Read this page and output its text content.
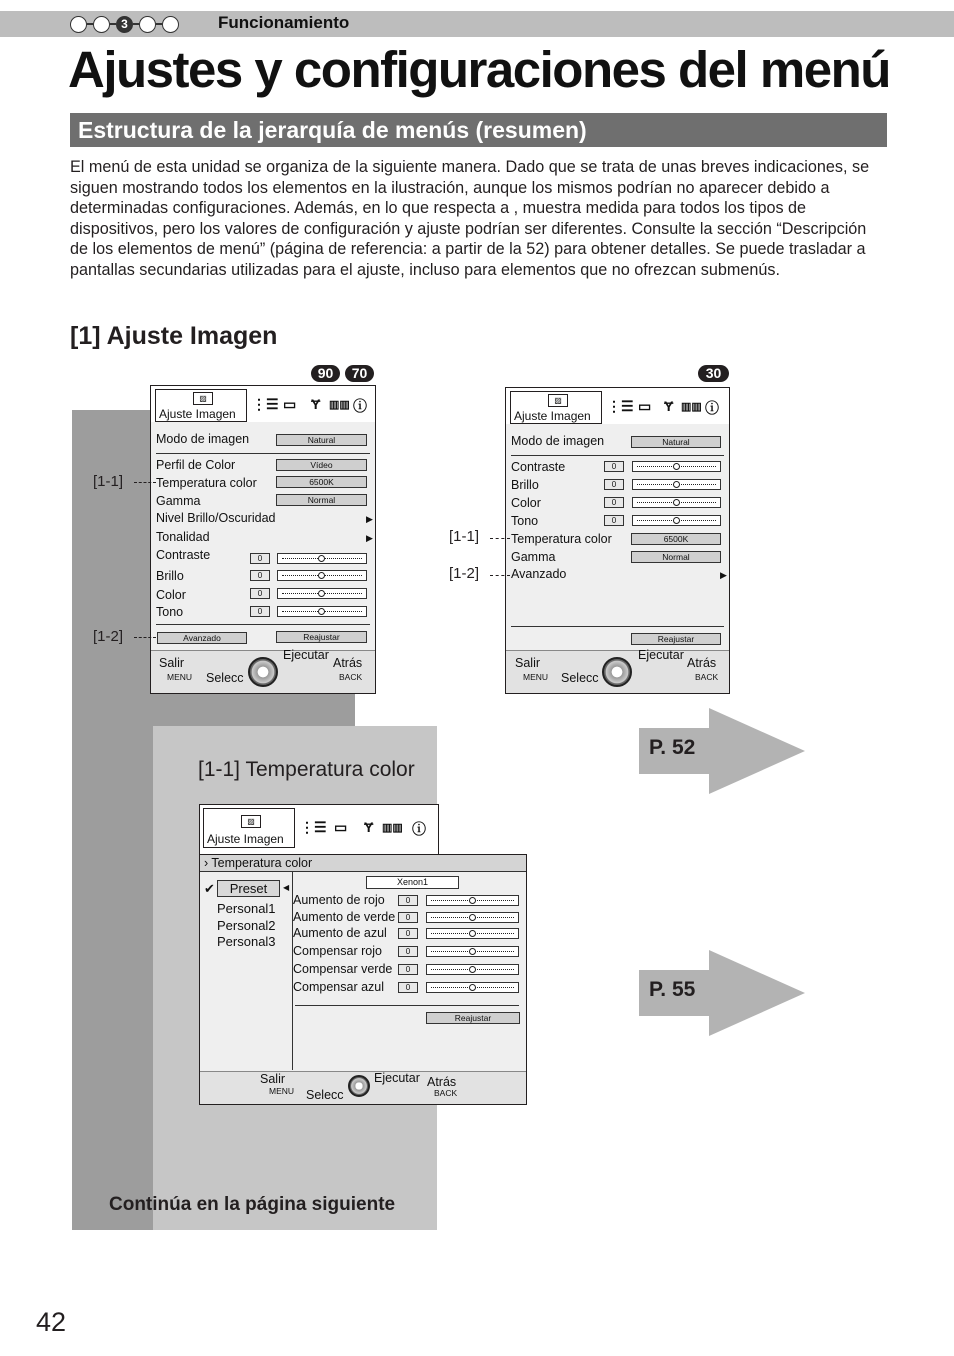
3	Funcionamiento
Ajustes y configuraciones del menú
Estructura de la jerarquía de menús (resumen)

El menú de esta unidad se organiza de la siguiente manera. Dado que se trata de unas breves indicaciones, se siguen mostrando todos los elementos en la ilustración, aunque los mismos podrían no aparecer debido a determinadas configuraciones. Además, en lo que respecta a , muestra medida para todos los tipos de dispositivos, pero los valores de configuración y ajuste podrían ser diferentes. Consulte la sección “Descripción de los elementos de menú” (página de referencia: a partir de la 52) para obtener detalles. Se puede trasladar a pantallas secundarias utilizadas para el ajuste, incluso para elementos que no ofrezcan submenús.

[1] Ajuste Imagen
90	70	30
▨
Ajuste Imagen
⋮☰ ▭ Ɏ ▥▥ ⓘ
Modo de imagen	Natural
Perfil de Color	Vídeo
Temperatura color	6500K
Gamma	Normal
Nivel Brillo/Oscuridad	▶
Tonalidad	▶
Contraste	0
Brillo	0
Color	0
Tono	0
Avanzado	Reajustar
Salir
MENU Selecc
Ejecutar
Atrás
BACK
[1-1]
[1-2]
▨
Ajuste Imagen
⋮☰ ▭ Ɏ ▥▥ ⓘ
Modo de imagen	Natural
Contraste	0
Brillo	0
Color	0
Tono	0
Temperatura color	6500K
Gamma	Normal
Avanzado	▶
Reajustar
Salir
MENU Selecc
Ejecutar
Atrás
BACK
[1-1]
[1-2]
[1-1] Temperatura color
▨
Ajuste Imagen
⋮☰ ▭ Ɏ ▥▥ ⓘ
› Temperatura color
Xenon1
✔	Preset	◀
Personal1
Personal2
Personal3
Aumento de rojo	0
Aumento de verde	0
Aumento de azul	0
Compensar rojo	0
Compensar verde	0
Compensar azul	0
Reajustar
Salir
MENU Selecc
Ejecutar Atrás
BACK
P. 52
P. 55
Continúa en la página siguiente
42
